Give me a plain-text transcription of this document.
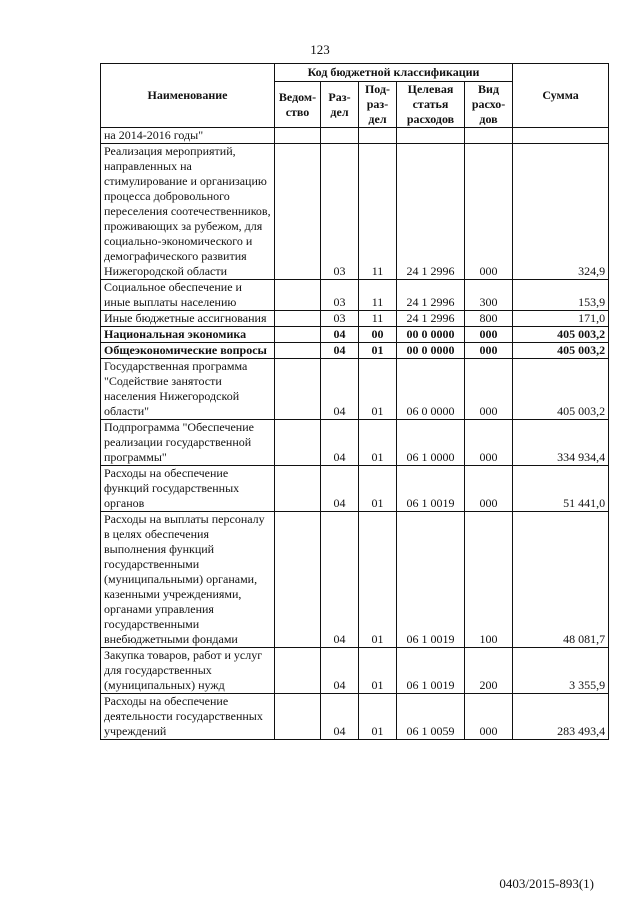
123
Наименование	Код бюджетной классификации					Сумма
	Ведом-ство	Раз-дел	Под-раз-дел	Целевая статья расходов	Вид расхо-дов	
на 2014-2016 годы"						
Реализация мероприятий, направленных на стимулирование и организацию процесса добровольного переселения соотечественников, проживающих за рубежом, для социально-экономического и демографического развития Нижегородской области		03	11	24 1 2996	000	324,9
Социальное обеспечение и иные выплаты населению		03	11	24 1 2996	300	153,9
Иные бюджетные ассигнования		03	11	24 1 2996	800	171,0
Национальная экономика		04	00	00 0 0000	000	405 003,2
Общеэкономические вопросы		04	01	00 0 0000	000	405 003,2
Государственная программа "Содействие занятости населения Нижегородской области"		04	01	06 0 0000	000	405 003,2
Подпрограмма "Обеспечение реализации государственной программы"		04	01	06 1 0000	000	334 934,4
Расходы на обеспечение функций государственных органов		04	01	06 1 0019	000	51 441,0
Расходы на выплаты персоналу в целях обеспечения выполнения функций государственными (муниципальными) органами, казенными учреждениями, органами управления государственными внебюджетными фондами		04	01	06 1 0019	100	48 081,7
Закупка товаров, работ и услуг для государственных (муниципальных) нужд		04	01	06 1 0019	200	3 355,9
Расходы на обеспечение деятельности государственных учреждений		04	01	06 1 0059	000	283 493,4
0403/2015-893(1)
